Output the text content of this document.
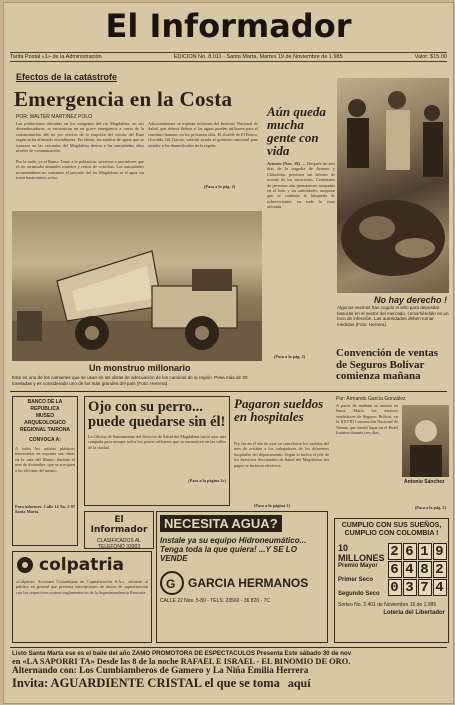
El Informador
Tarifa Postal «1» de la Administración	EDICION No. 8.011 · Santa Marta, Martes 19 de Noviembre de 1.985	Valor: $15.00
Efectos de la catástrofe
Emergencia en la Costa
POR: WALTER MARTINEZ POLO
Las poblaciones ubicadas en los márgenes del río Magdalena, en sus desembocaduras, se encuentran en un grave emergencia a causa de la contaminación del río por efectos de la erupción del volcán del Ruiz según se ha afirmado oficialmente. En efecto, los análisis de aguas que se tomaron en las cercanías del Magdalena dieron a las autoridades altos niveles de contaminación.

Por la tarde, ya el Banco Tomo a la población, sirvieron a pescadores que el rio arrastraba animales muertos y restos de cosechas. Las autoridades recomendaron no consumir el pescado del río Magdalena ni el agua sin tratar hasta nuevo aviso.
Adicionalmente se esperan informes del Instituto Nacional de Salud, que deberá definir si las aguas pueden utilizarse para el consumo humano en los próximos días. El alcalde de El Banco, Oswaldo Gil García, solicitó ayuda al gobierno nacional para atender a los damnificados de la región.
(Pasa a la pág. 2)
Un monstruo millonario
Este es uno de los camiones que se usan en las obras de adecuación de los caminos de la región. Pesa más de 30 toneladas y es considerado uno de los más grandes del país (Foto: Herrera).
Aún queda mucha gente con vida
Armero (Nov. 18) — Después de seis días de la tragedia de Armero y Chinchiná, persisten las labores de rescate de los socorristas. Centenares de personas aún permanecen atrapadas en el lodo y las autoridades aseguran que se continúa la búsqueda de sobrevivientes en toda la zona afectada.
(Pasa a la pág. 2)
No hay derecho !
Algunos vecinos han cogido el sitio para depositar basuras en el sector del mercado, convirtiéndolo en un foco de infección. Las autoridades deben tomar medidas (Foto: Herrera).
BANCO DE LA REPUBLICA
MUSEO ARQUEOLOGICO
REGIONAL TAIRONA
CONVOCA A:
A todos los artistas plásticos interesados en exponer sus obras en la sala del Museo durante el mes de diciembre, que se acerquen a las oficinas del mismo.
Para informes: Calle 14 No. 2-07 Santa Marta.
Ojo con su perro... puede quedarse sin él!
La Oficina de Saneamiento del Servicio de Salud del Magdalena inició ayer una campaña para recoger todos los perros callejeros que se encuentren en las calles de la ciudad.
(Pasa a la página 2c)
El Informador
CLASIFICADOS AL
TELEFONO 33303
Pagaron sueldos en hospitales
Por fin en el día de ayer se cancelaron los sueldos del mes de octubre a los trabajadores de los diferentes hospitales del departamento. Según lo indicó el jefe de los Servicios Seccionales de Salud del Magdalena, los pagos se hicieron efectivos.
(Pasa a la página 2)
Convención de ventas de Seguros Bolívar comienza mañana
Por: Armando García González
A partir de mañana se reúnen en Santa Marta los mejores vendedores de Seguros Bolívar, en la XXVIII Convención Nacional de Ventas, que tendrá lugar en el Hotel Irotama durante tres días.
Antonio Sánchez
(Pasa a la pág. 2)
colpatria
«Colpatria, Sociedad Colombiana de Capitalización S.A.», advierte al público en general que presenta inscripciones de títulos de capitalización con los respectivos sorteos reglamentarios de la Superintendencia Bancaria.
NECESITA AGUA?
Instale ya su equipo Hidroneumático... Tenga toda la que quiera! ...Y SE LO VENDE
G GARCIA HERMANOS
CALLE 22 Nos. 5-80 - TELS: 23560 - 36 820 - 7C
CUMPLIO CON SUS SUEÑOS, CUMPLIO CON COLOMBIA !
10 MILLONES
Premio Mayor
Primer Seco
Segundo Seco
2 6 1 9
6 4 8 2
0 3 7 4
Sorteo No. 2.401 de Noviembre 16 de 1.985
Lotería del Libertador
Listo Santa Marta ese es el baile del año ZAMO PROMOTORA DE ESPECTACULOS Presenta Este sábado 30 de nov
en «LA SAPORRI TA» Desde las 8 de la noche RAFAEL E ISRAEL - EL BINOMIO DE ORO.
Alternando con: Los Cumbiamberos de Gamero y La Niña Emilia Herrera
Invita: AGUARDIENTE CRISTAL el que se toma aquí
